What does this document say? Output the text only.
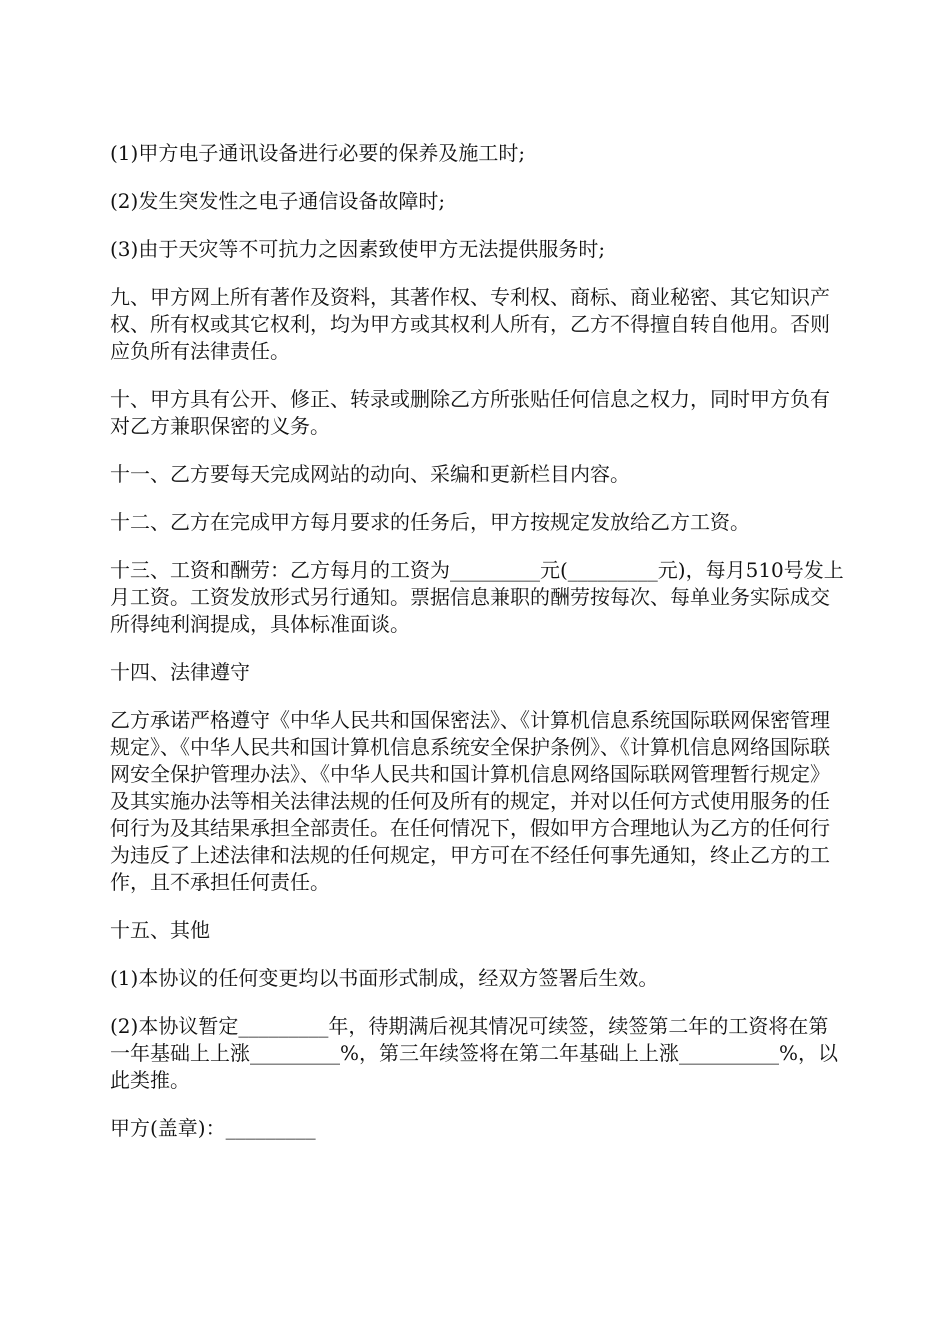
(1)甲方电子通讯设备进行必要的保养及施工时;

(2)发生突发性之电子通信设备故障时;

(3)由于天灾等不可抗力之因素致使甲方无法提供服务时;

九、甲方网上所有著作及资料，其著作权、专利权、商标、商业秘密、其它知识产权、所有权或其它权利，均为甲方或其权利人所有，乙方不得擅自转自他用。否则应负所有法律责任。

十、甲方具有公开、修正、转录或删除乙方所张贴任何信息之权力，同时甲方负有对乙方兼职保密的义务。

十一、乙方要每天完成网站的动向、采编和更新栏目内容。

十二、乙方在完成甲方每月要求的任务后，甲方按规定发放给乙方工资。

十三、工资和酬劳：乙方每月的工资为_________元(_________元)，每月510号发上月工资。工资发放形式另行通知。票据信息兼职的酬劳按每次、每单业务实际成交所得纯利润提成，具体标准面谈。

十四、法律遵守

乙方承诺严格遵守《中华人民共和国保密法》、《计算机信息系统国际联网保密管理规定》、《中华人民共和国计算机信息系统安全保护条例》、《计算机信息网络国际联网安全保护管理办法》、《中华人民共和国计算机信息网络国际联网管理暂行规定》及其实施办法等相关法律法规的任何及所有的规定，并对以任何方式使用服务的任何行为及其结果承担全部责任。在任何情况下，假如甲方合理地认为乙方的任何行为违反了上述法律和法规的任何规定，甲方可在不经任何事先通知，终止乙方的工作，且不承担任何责任。

十五、其他

(1)本协议的任何变更均以书面形式制成，经双方签署后生效。

(2)本协议暂定_________年，待期满后视其情况可续签，续签第二年的工资将在第一年基础上上涨_________%，第三年续签将在第二年基础上上涨__________%，以此类推。

甲方(盖章)：_________
